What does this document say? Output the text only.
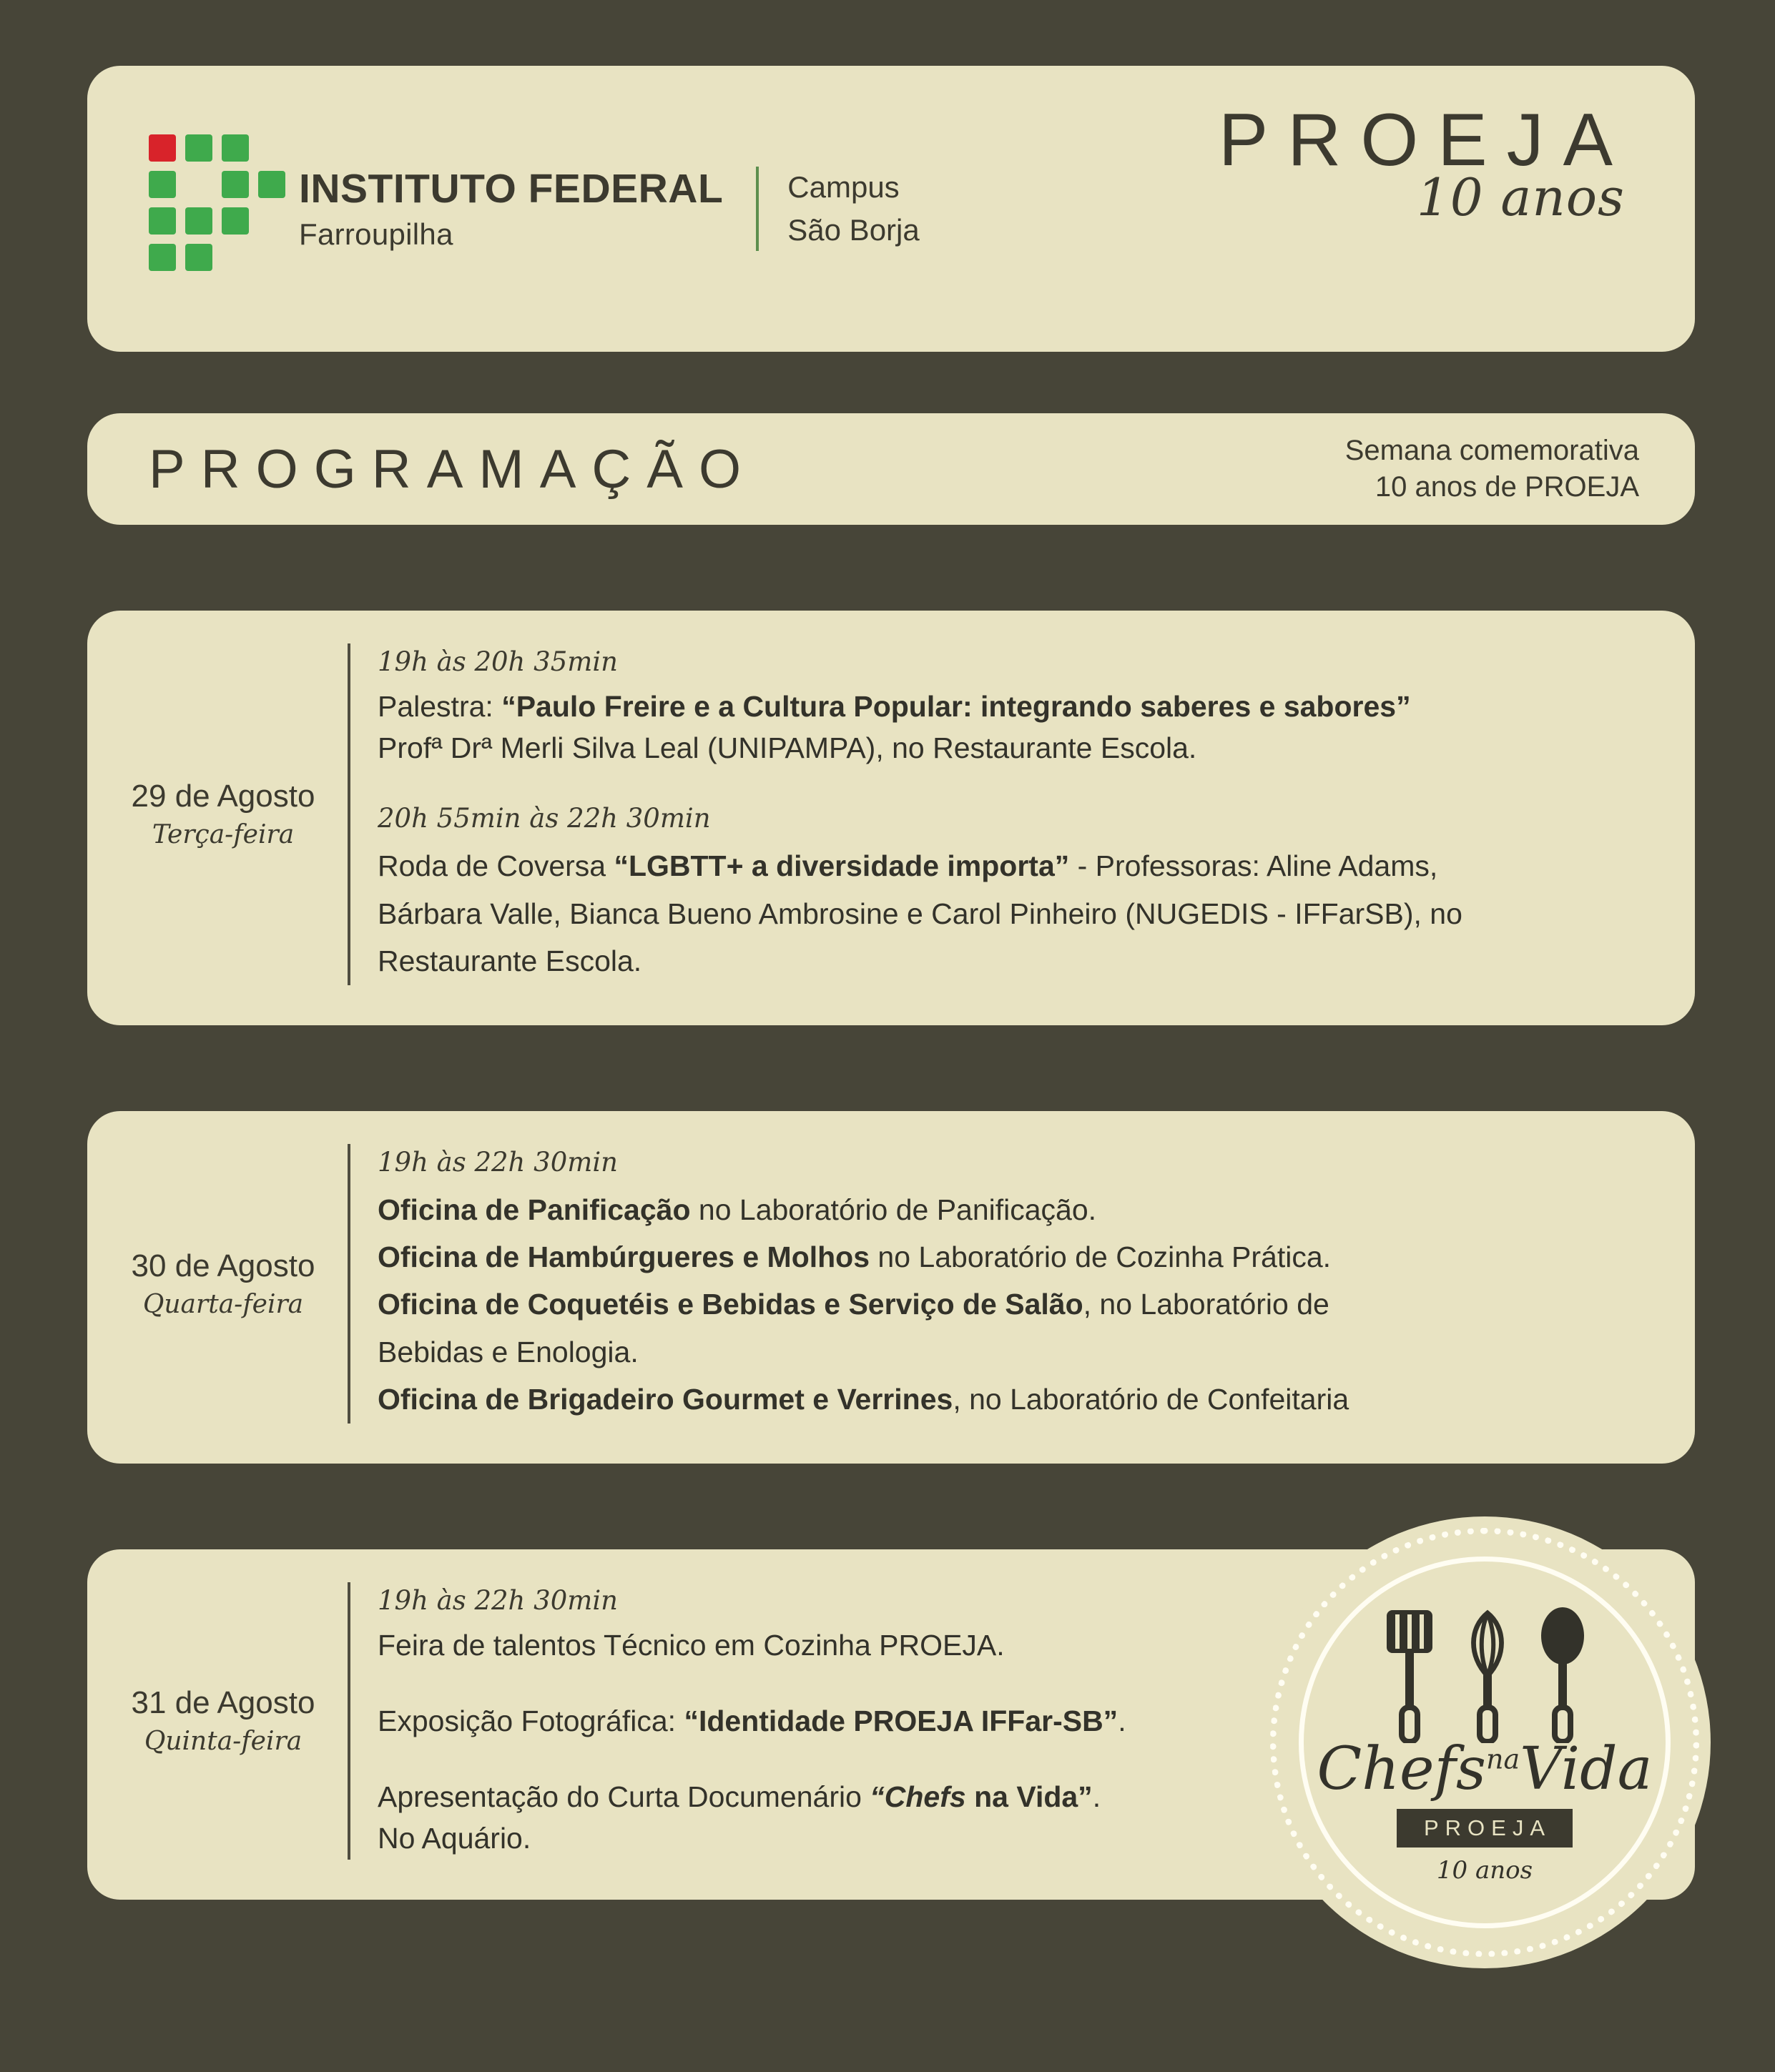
INSTITUTO FEDERAL
Farroupilha
Campus
São Borja
PROEJA
10 anos
PROGRAMAÇÃO	Semana comemorativa
10 anos de PROEJA
29 de Agosto
Terça-feira
19h às 20h 35min
Palestra: “Paulo Freire e a Cultura Popular: integrando saberes e sabores”
Profª Drª Merli Silva Leal (UNIPAMPA), no Restaurante Escola.
20h 55min às 22h 30min
Roda de Coversa “LGBTT+ a diversidade importa” - Professoras: Aline Adams,
Bárbara Valle, Bianca Bueno Ambrosine e Carol Pinheiro (NUGEDIS - IFFarSB), no
Restaurante Escola.
30 de Agosto
Quarta-feira
19h às 22h 30min
Oficina de Panificação no Laboratório de Panificação.
Oficina de Hambúrgueres e Molhos no Laboratório de Cozinha Prática.
Oficina de Coquetéis e Bebidas e Serviço de Salão, no Laboratório de
Bebidas e Enologia.
Oficina de Brigadeiro Gourmet e Verrines, no Laboratório de Confeitaria
31 de Agosto
Quinta-feira
19h às 22h 30min
Feira de talentos Técnico em Cozinha PROEJA.
Exposição Fotográfica: “Identidade PROEJA IFFar-SB”.
Apresentação do Curta Documenário “Chefs na Vida”.
No Aquário.
Chefs$^{na}$Vida
PROEJA
10 anos
